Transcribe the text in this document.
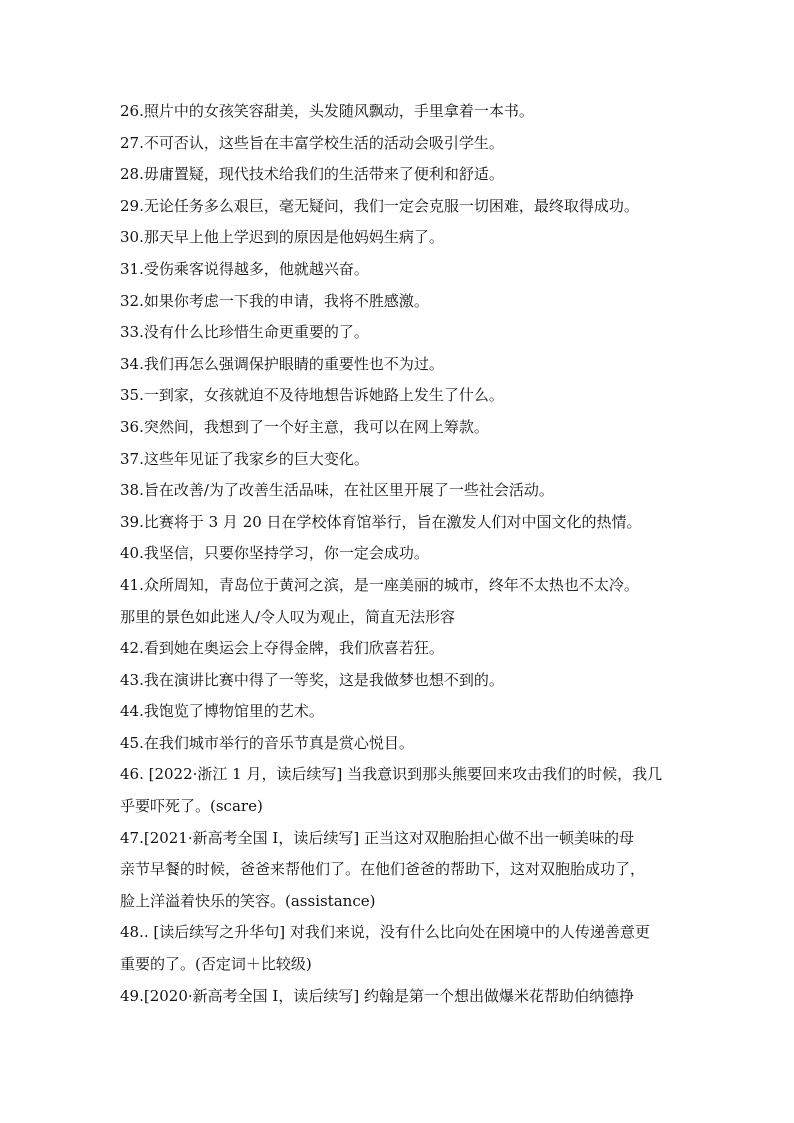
26.照片中的女孩笑容甜美，头发随风飘动，手里拿着一本书。
27.不可否认，这些旨在丰富学校生活的活动会吸引学生。
28.毋庸置疑，现代技术给我们的生活带来了便利和舒适。
29.无论任务多么艰巨，毫无疑问，我们一定会克服一切困难，最终取得成功。
30.那天早上他上学迟到的原因是他妈妈生病了。
31.受伤乘客说得越多，他就越兴奋。
32.如果你考虑一下我的申请，我将不胜感激。
33.没有什么比珍惜生命更重要的了。
34.我们再怎么强调保护眼睛的重要性也不为过。
35.一到家，女孩就迫不及待地想告诉她路上发生了什么。
36.突然间，我想到了一个好主意，我可以在网上筹款。
37.这些年见证了我家乡的巨大变化。
38.旨在改善/为了改善生活品味，在社区里开展了一些社会活动。
39.比赛将于 3 月 20 日在学校体育馆举行，旨在激发人们对中国文化的热情。
40.我坚信，只要你坚持学习，你一定会成功。
41.众所周知，青岛位于黄河之滨，是一座美丽的城市，终年不太热也不太冷。
那里的景色如此迷人/令人叹为观止，简直无法形容
42.看到她在奥运会上夺得金牌，我们欣喜若狂。
43.我在演讲比赛中得了一等奖，这是我做梦也想不到的。
44.我饱览了博物馆里的艺术。
45.在我们城市举行的音乐节真是赏心悦目。
46. [2022·浙江 1 月，读后续写] 当我意识到那头熊要回来攻击我们的时候，我几
乎要吓死了。(scare)
47.[2021·新高考全国 I，读后续写] 正当这对双胞胎担心做不出一顿美味的母
亲节早餐的时候，爸爸来帮他们了。在他们爸爸的帮助下，这对双胞胎成功了，
脸上洋溢着快乐的笑容。(assistance)
48.. [读后续写之升华句] 对我们来说，没有什么比向处在困境中的人传递善意更
重要的了。(否定词＋比较级)
49.[2020·新高考全国 I，读后续写] 约翰是第一个想出做爆米花帮助伯纳德挣
